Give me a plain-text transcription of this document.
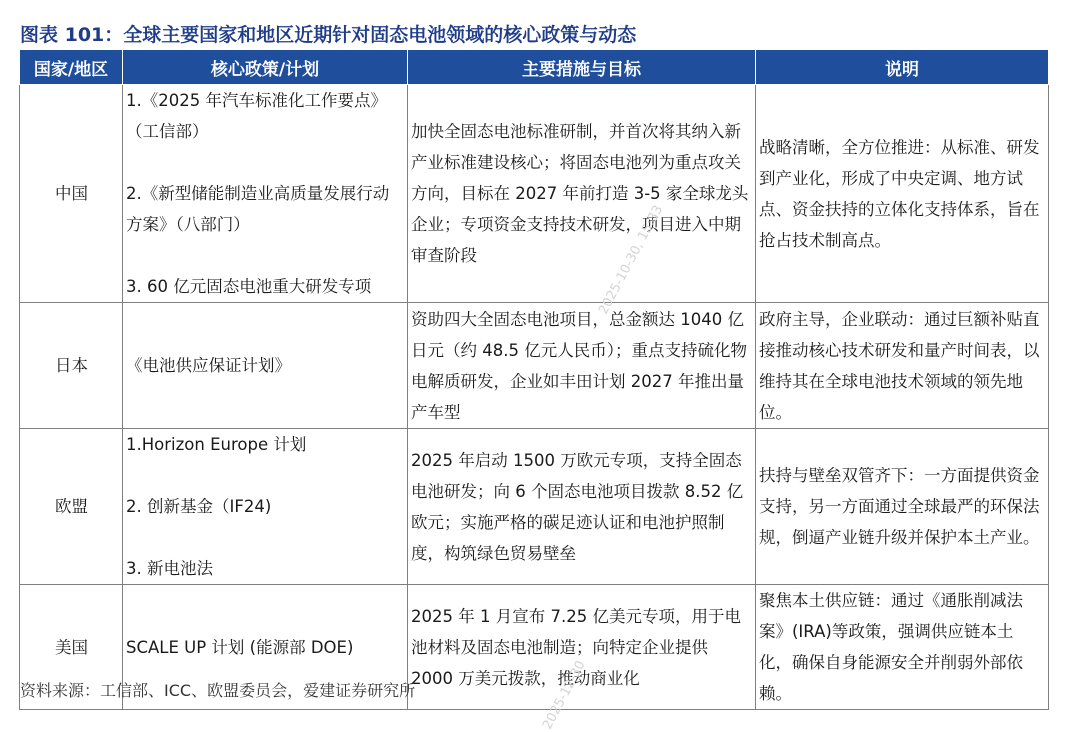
图表 101：全球主要国家和地区近期针对固态电池领域的核心政策与动态
国家/地区	核心政策/计划	主要措施与目标	说明
中国	1.《2025 年汽车标准化工作要点》（工信部）
2.《新型储能制造业高质量发展行动方案》（八部门）
3. 60 亿元固态电池重大研发专项	加快全固态电池标准研制，并首次将其纳入新产业标准建设核心；将固态电池列为重点攻关方向，目标在 2027 年前打造 3-5 家全球龙头企业；专项资金支持技术研发，项目进入中期审查阶段	战略清晰，全方位推进：从标准、研发到产业化，形成了中央定调、地方试点、资金扶持的立体化支持体系，旨在抢占技术制高点。
日本	《电池供应保证计划》	资助四大全固态电池项目，总金额达 1040 亿日元（约 48.5 亿元人民币）；重点支持硫化物电解质研发，企业如丰田计划 2027 年推出量产车型	政府主导，企业联动：通过巨额补贴直接推动核心技术研发和量产时间表，以维持其在全球电池技术领域的领先地位。
欧盟	1.Horizon Europe 计划
2. 创新基金（IF24)
3. 新电池法	2025 年启动 1500 万欧元专项，支持全固态电池研发；向 6 个固态电池项目拨款 8.52 亿欧元；实施严格的碳足迹认证和电池护照制度，构筑绿色贸易壁垒	扶持与壁垒双管齐下：一方面提供资金支持，另一方面通过全球最严的环保法规，倒逼产业链升级并保护本土产业。
美国	SCALE UP 计划 (能源部 DOE)	2025 年 1 月宣布 7.25 亿美元专项，用于电池材料及固态电池制造；向特定企业提供 2000 万美元拨款，推动商业化	聚焦本土供应链：通过《通胀削减法案》(IRA)等政策，强调供应链本土化，确保自身能源安全并削弱外部依赖。
资料来源：工信部、ICC、欧盟委员会，爱建证券研究所
2025-10-30, 15:33
2025-12-30
